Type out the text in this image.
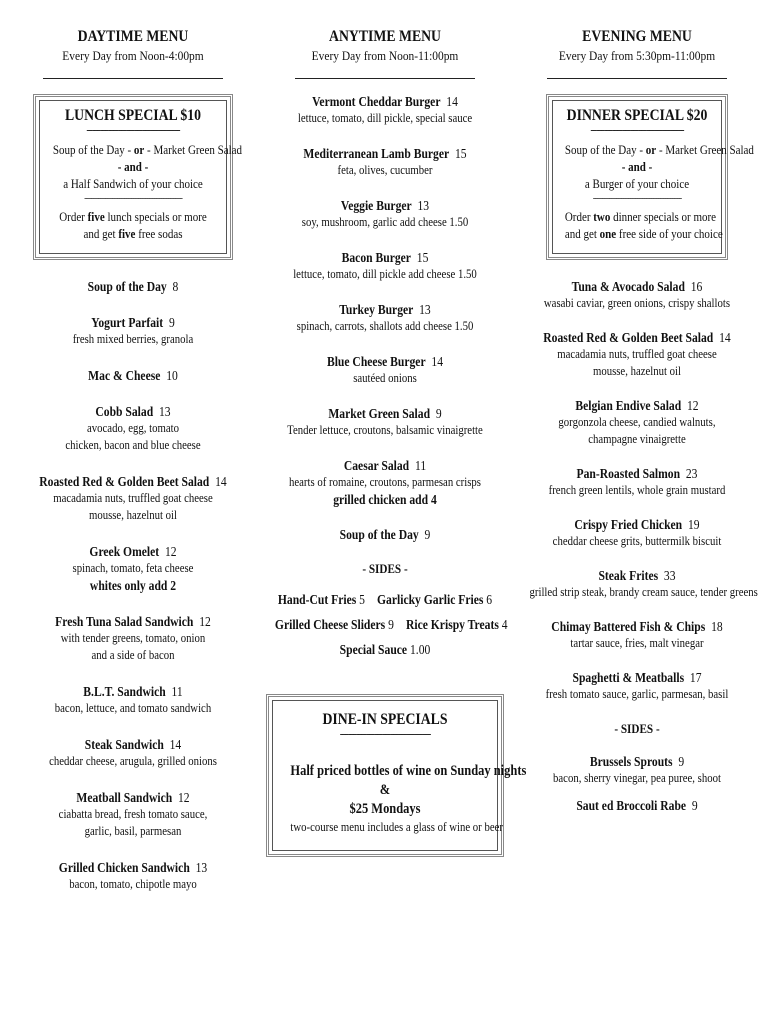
DAYTIME MENU
Every Day from Noon-4:00pm
LUNCH SPECIAL $10
-----------------------------------
Soup of the Day - or - Market Green Salad
- and -
a Half Sandwich of your choice
------------------------------------------
Order five lunch specials or more
and get five free sodas
Soup of the Day  8
Yogurt Parfait  9
fresh mixed berries, granola
Mac & Cheese  10
Cobb Salad  13
avocado, egg, tomato
chicken, bacon and blue cheese
Roasted Red & Golden Beet Salad  14
macadamia nuts, truffled goat cheese
mousse, hazelnut oil
Greek Omelet  12
spinach, tomato, feta cheese
whites only add 2
Fresh Tuna Salad Sandwich  12
with tender greens, tomato, onion
and a side of bacon
B.L.T. Sandwich  11
bacon, lettuce, and tomato sandwich
Steak Sandwich  14
cheddar cheese, arugula, grilled onions
Meatball Sandwich  12
ciabatta bread, fresh tomato sauce,
garlic, basil, parmesan
Grilled Chicken Sandwich  13
bacon, tomato, chipotle mayo
ANYTIME MENU
Every Day from Noon-11:00pm
Vermont Cheddar Burger  14
lettuce, tomato, dill pickle, special sauce
Mediterranean Lamb Burger  15
feta, olives, cucumber
Veggie Burger  13
soy, mushroom, garlic add cheese 1.50
Bacon Burger  15
lettuce, tomato, dill pickle add cheese 1.50
Turkey Burger  13
spinach, carrots, shallots add cheese 1.50
Blue Cheese Burger  14
sautéed onions
Market Green Salad  9
Tender lettuce, croutons, balsamic vinaigrette
Caesar Salad  11
hearts of romaine, croutons, parmesan crisps
grilled chicken add 4
Soup of the Day  9
- SIDES -
Hand-Cut Fries 5 Garlicky Garlic Fries 6
Grilled Cheese Sliders 9 Rice Krispy Treats 4
Special Sauce 1.00
DINE-IN SPECIALS
----------------------------------
Half priced bottles of wine on Sunday nights
&
$25 Mondays
two-course menu includes a glass of wine or beer
EVENING MENU
Every Day from 5:30pm-11:00pm
DINNER SPECIAL $20
-----------------------------------
Soup of the Day - or - Market Green Salad
- and -
a Burger of your choice
--------------------------------------
Order two dinner specials or more
and get one free side of your choice
Tuna & Avocado Salad  16
wasabi caviar, green onions, crispy shallots
Roasted Red & Golden Beet Salad  14
macadamia nuts, truffled goat cheese
mousse, hazelnut oil
Belgian Endive Salad  12
gorgonzola cheese, candied walnuts,
champagne vinaigrette
Pan-Roasted Salmon  23
french green lentils, whole grain mustard
Crispy Fried Chicken  19
cheddar cheese grits, buttermilk biscuit
Steak Frites  33
grilled strip steak, brandy cream sauce, tender greens
Chimay Battered Fish & Chips  18
tartar sauce, fries, malt vinegar
Spaghetti & Meatballs  17
fresh tomato sauce, garlic, parmesan, basil
- SIDES -
Brussels Sprouts  9
bacon, sherry vinegar, pea puree, shoot
Saut ed Broccoli Rabe  9
